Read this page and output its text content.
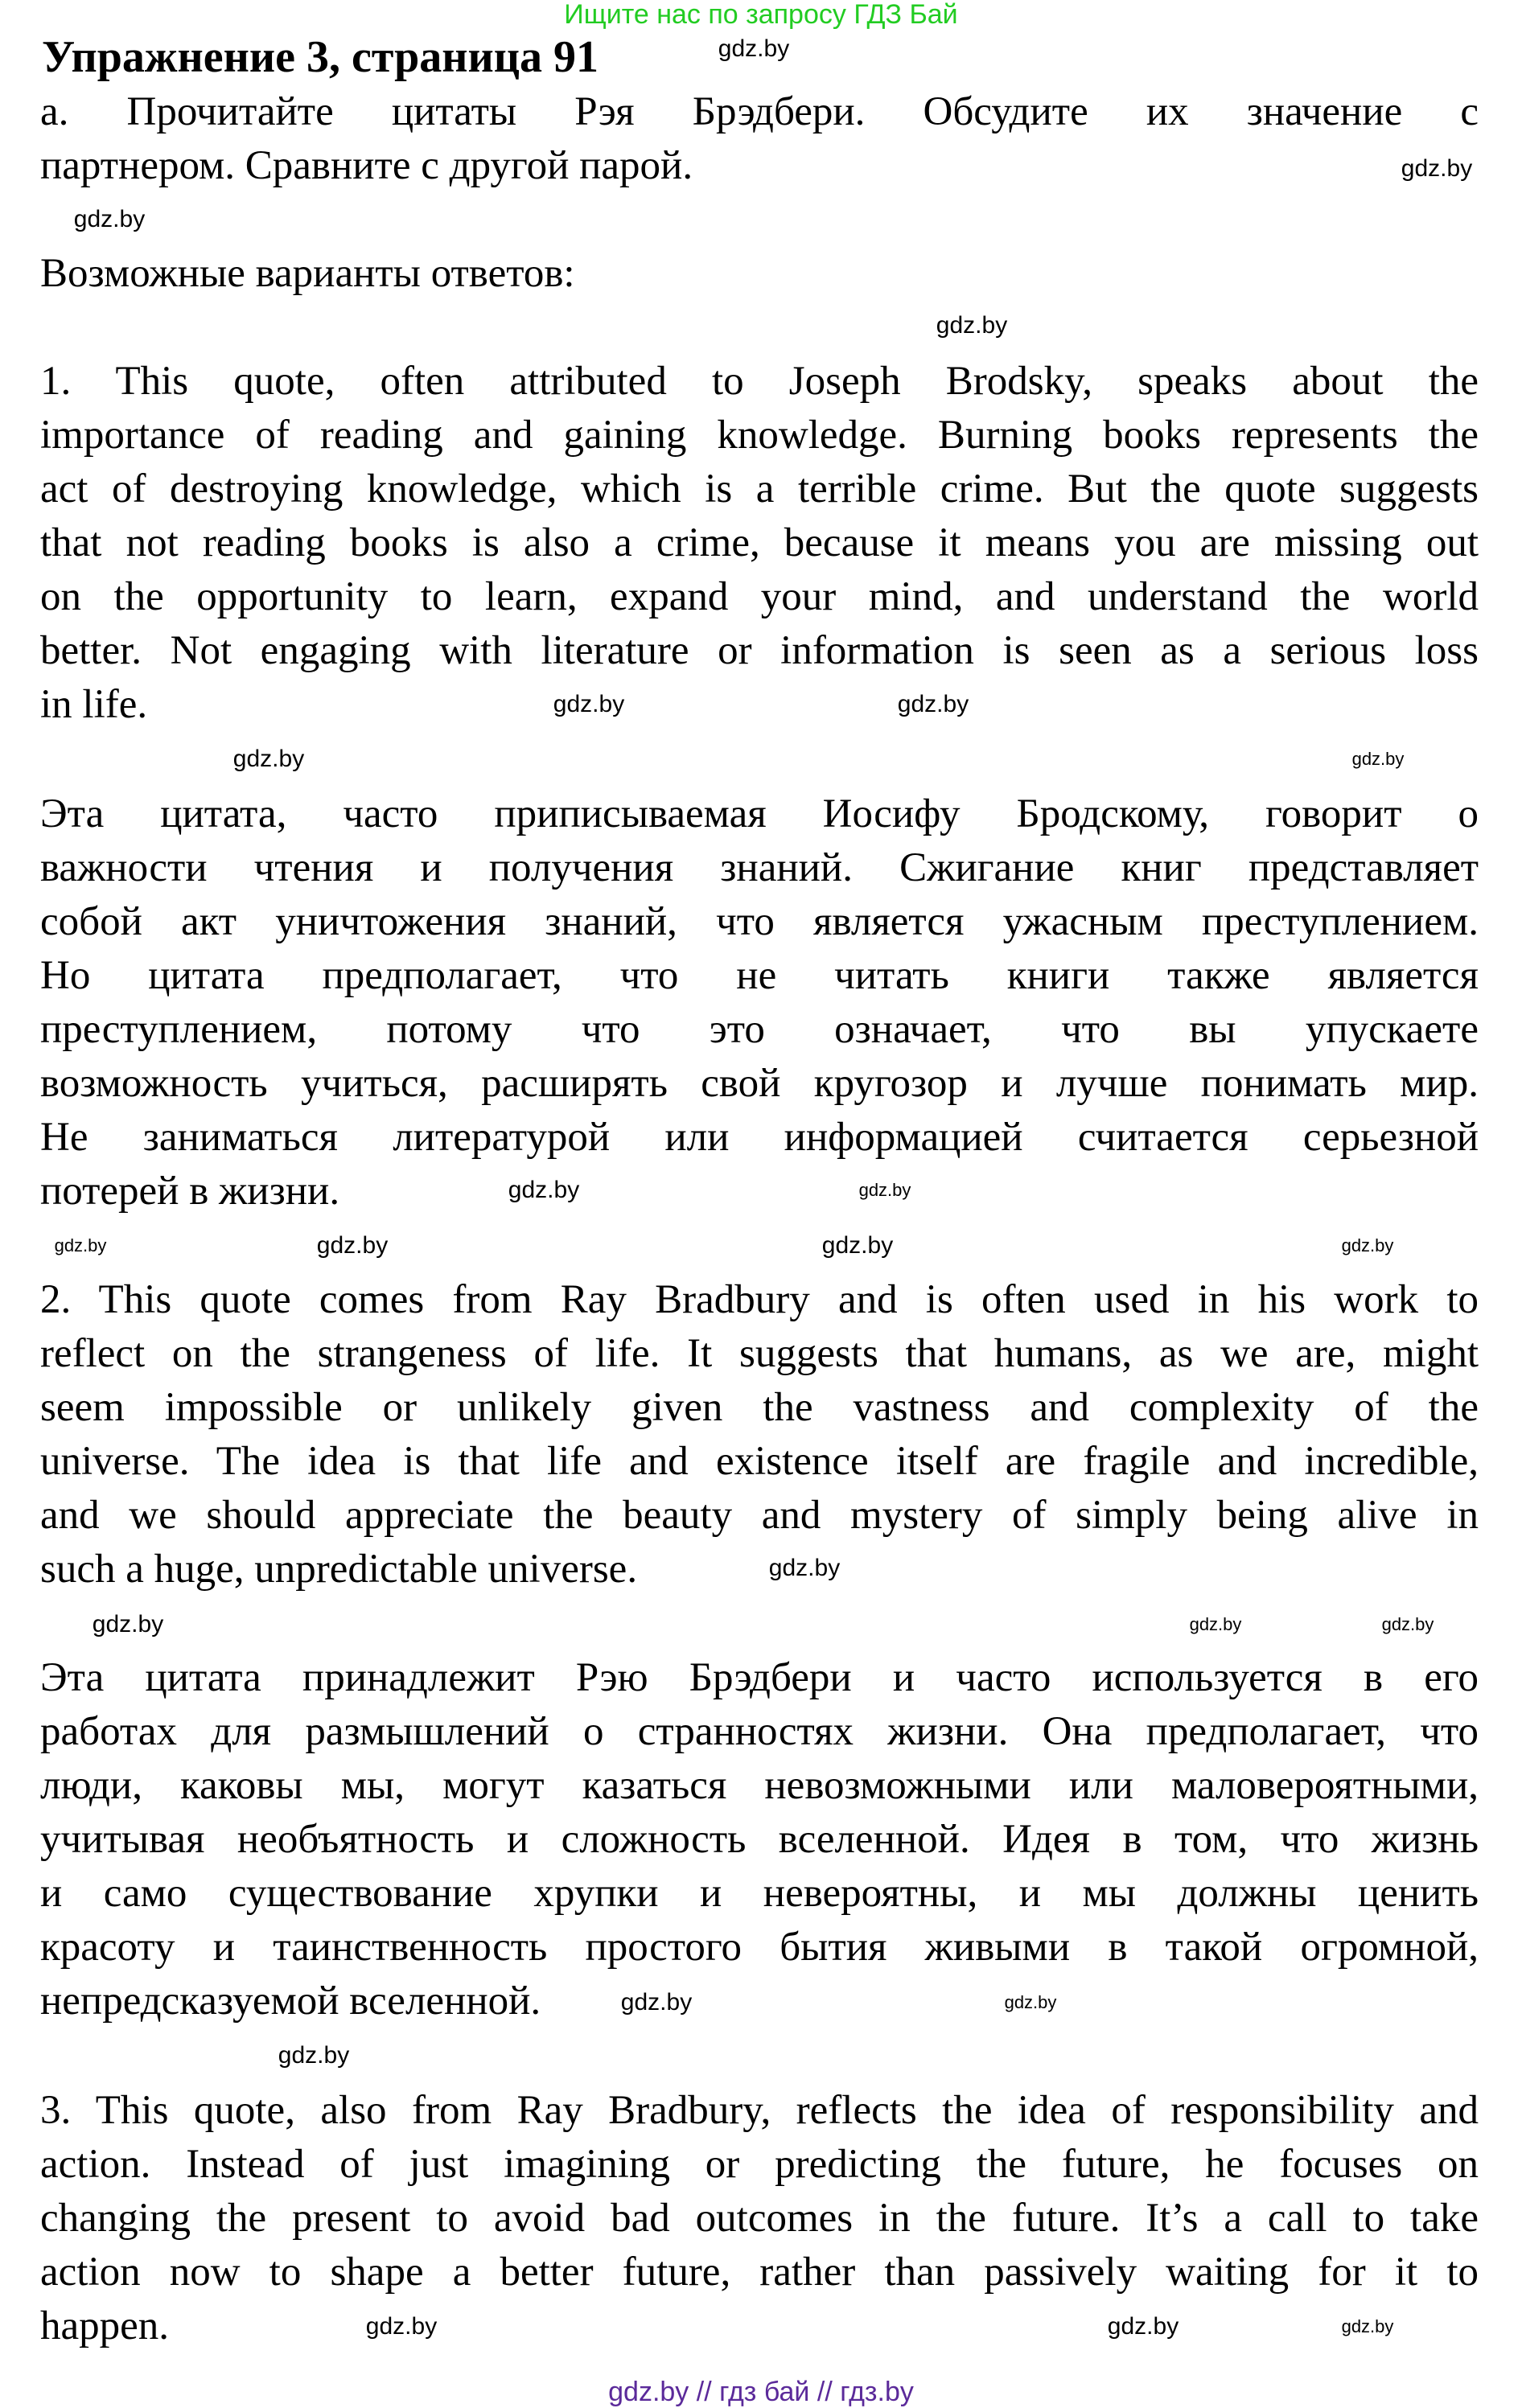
Ищите нас по запросу ГДЗ Бай
Упражнение 3, страница 91
а. Прочитайте цитаты Рэя Брэдбери. Обсудите их значение с
партнером. Сравните с другой парой.
Возможные варианты ответов:
1. This quote, often attributed to Joseph Brodsky, speaks about the
importance of reading and gaining knowledge. Burning books represents the
act of destroying knowledge, which is a terrible crime. But the quote suggests
that not reading books is also a crime, because it means you are missing out
on the opportunity to learn, expand your mind, and understand the world
better. Not engaging with literature or information is seen as a serious loss
in life.
Эта цитата, часто приписываемая Иосифу Бродскому, говорит о
важности чтения и получения знаний. Сжигание книг представляет
собой акт уничтожения знаний, что является ужасным преступлением.
Но цитата предполагает, что не читать книги также является
преступлением, потому что это означает, что вы упускаете
возможность учиться, расширять свой кругозор и лучше понимать мир.
Не заниматься литературой или информацией считается серьезной
потерей в жизни.
2. This quote comes from Ray Bradbury and is often used in his work to
reflect on the strangeness of life. It suggests that humans, as we are, might
seem impossible or unlikely given the vastness and complexity of the
universe. The idea is that life and existence itself are fragile and incredible,
and we should appreciate the beauty and mystery of simply being alive in
such a huge, unpredictable universe.
Эта цитата принадлежит Рэю Брэдбери и часто используется в его
работах для размышлений о странностях жизни. Она предполагает, что
люди, каковы мы, могут казаться невозможными или маловероятными,
учитывая необъятность и сложность вселенной. Идея в том, что жизнь
и само существование хрупки и невероятны, и мы должны ценить
красоту и таинственность простого бытия живыми в такой огромной,
непредсказуемой вселенной.
3. This quote, also from Ray Bradbury, reflects the idea of responsibility and
action. Instead of just imagining or predicting the future, he focuses on
changing the present to avoid bad outcomes in the future. It’s a call to take
action now to shape a better future, rather than passively waiting for it to
happen.
gdz.by
gdz.by
gdz.by
gdz.by
gdz.by
gdz.by	gdz.by
gdz.by
gdz.by
gdz.by
gdz.by
gdz.by
gdz.by	gdz.by
gdz.by
gdz.by
gdz.by	gdz.by
gdz.by
gdz.by
gdz.by
gdz.by
gdz.by
gdz.by
gdz.by // гдз бай // гдз.by
